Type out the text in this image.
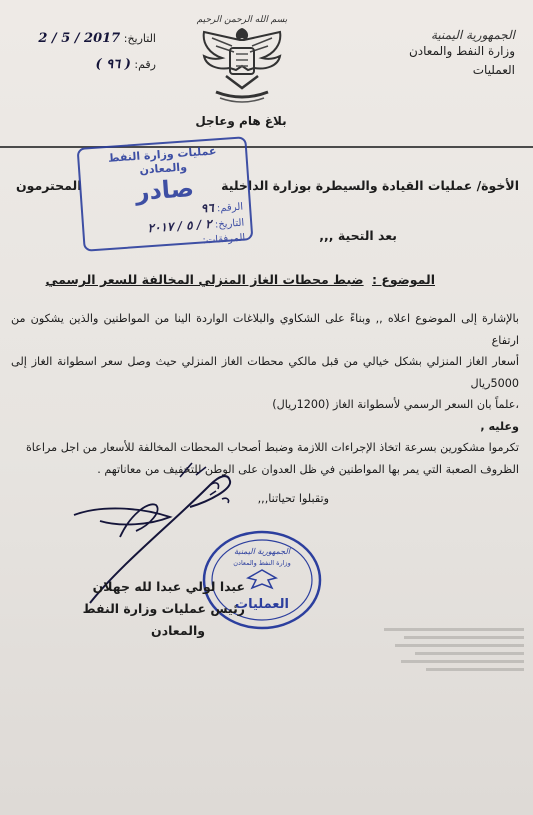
الجمهورية اليمنية
وزارة النفط والمعادن
العمليات
التاريخ: 2017 / 5 / 2
رقم: ( ٩٦ )
بسم الله الرحمن الرحيم
بلاغ هام وعاجل
الأخوة/ عمليات القيادة والسيطرة بوزارة الداخلية
المحترمون
بعد التحية ,,,
عمليات وزارة النفط والمعادن
صادر
الرقم: ٩٦
التاريخ: ٢ / ٥ / ٢٠١٧
المرفقات:
الموضوع : ضبط محطات الغاز المنزلي المخالفة للسعر الرسمي

بالإشارة إلى الموضوع اعلاه ,, وبناءً على الشكاوي والبلاغات الواردة الينا من المواطنين والذين يشكون من ارتفاع

أسعار الغاز المنزلي بشكل خيالي من قبل مالكي محطات الغاز المنزلي حيث وصل سعر اسطوانة الغاز إلى 5000ريال

،علماً بان السعر الرسمي لأسطوانة الغاز (1200ريال)

وعليه ,

تكرموا مشكورين بسرعة اتخاذ الإجراءات اللازمة وضبط أصحاب المحطات المخالفة للأسعار من اجل مراعاة

الظروف الصعبة التي يمر بها المواطنين في ظل العدوان على الوطن للتخفيف من معاناتهم .

وتقبلوا تحياتنا,,,

الجمهورية اليمنية
وزارة النفط والمعادن
العمليات
عبدا لولي عبدا لله جهلان
رئيس عمليات وزارة النفط
والمعادن
